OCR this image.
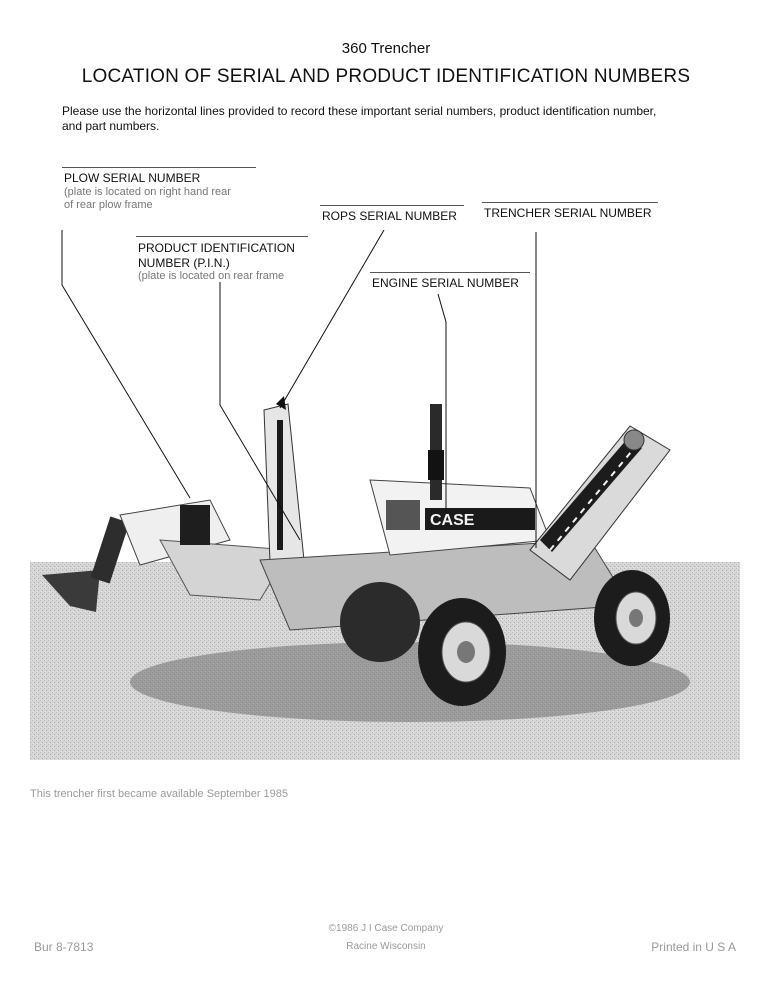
360 Trencher
LOCATION OF SERIAL AND PRODUCT IDENTIFICATION NUMBERS
Please use the horizontal lines provided to record these important serial numbers, product identification number, and part numbers.
PLOW SERIAL NUMBER
(plate is located on right hand rear
of rear plow frame
PRODUCT IDENTIFICATION
NUMBER (P.I.N.)
(plate is located on rear frame
ROPS SERIAL NUMBER TRENCHER SERIAL NUMBER
ENGINE SERIAL NUMBER
CASE
This trencher first became available September 1985
Bur 8-7813
©1986 J I Case Company
Racine Wisconsin	Printed in U S A
